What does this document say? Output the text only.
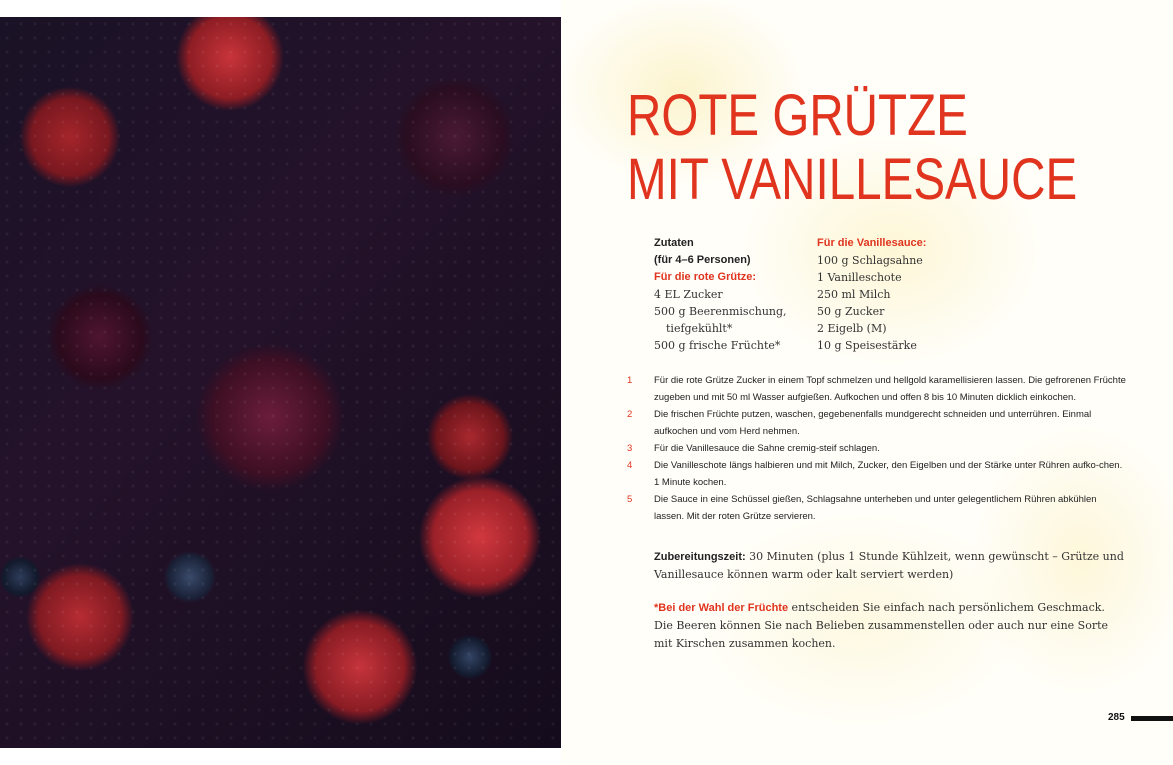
ROTE GRÜTZE
MIT VANILLESAUCE
Zutaten
(für 4–6 Personen)
Für die rote Grütze:
4 EL Zucker
500 g Beerenmischung,
tiefgekühlt*
500 g frische Früchte*
Für die Vanillesauce:
100 g Schlagsahne
1 Vanilleschote
250 ml Milch
50 g Zucker
2 Eigelb (M)
10 g Speisestärke
1	Für die rote Grütze Zucker in einem Topf schmelzen und hellgold karamellisieren lassen. Die gefrorenen Früchte zugeben und mit 50 ml Wasser aufgießen. Aufkochen und offen 8 bis 10 Minuten dicklich einkochen.
2	Die frischen Früchte putzen, waschen, gegebenenfalls mundgerecht schneiden und unterrühren. Einmal aufkochen und vom Herd nehmen.
3	Für die Vanillesauce die Sahne cremig-steif schlagen.
4	Die Vanilleschote längs halbieren und mit Milch, Zucker, den Eigelben und der Stärke unter Rühren aufko-chen. 1 Minute kochen.
5	Die Sauce in eine Schüssel gießen, Schlagsahne unterheben und unter gelegentlichem Rühren abkühlen lassen. Mit der roten Grütze servieren.

Zubereitungszeit: 30 Minuten (plus 1 Stunde Kühlzeit, wenn gewünscht – Grütze und Vanillesauce können warm oder kalt serviert werden)

*Bei der Wahl der Früchte entscheiden Sie einfach nach persönlichem Geschmack. Die Beeren können Sie nach Belieben zusammenstellen oder auch nur eine Sorte mit Kirschen zusammen kochen.

285
